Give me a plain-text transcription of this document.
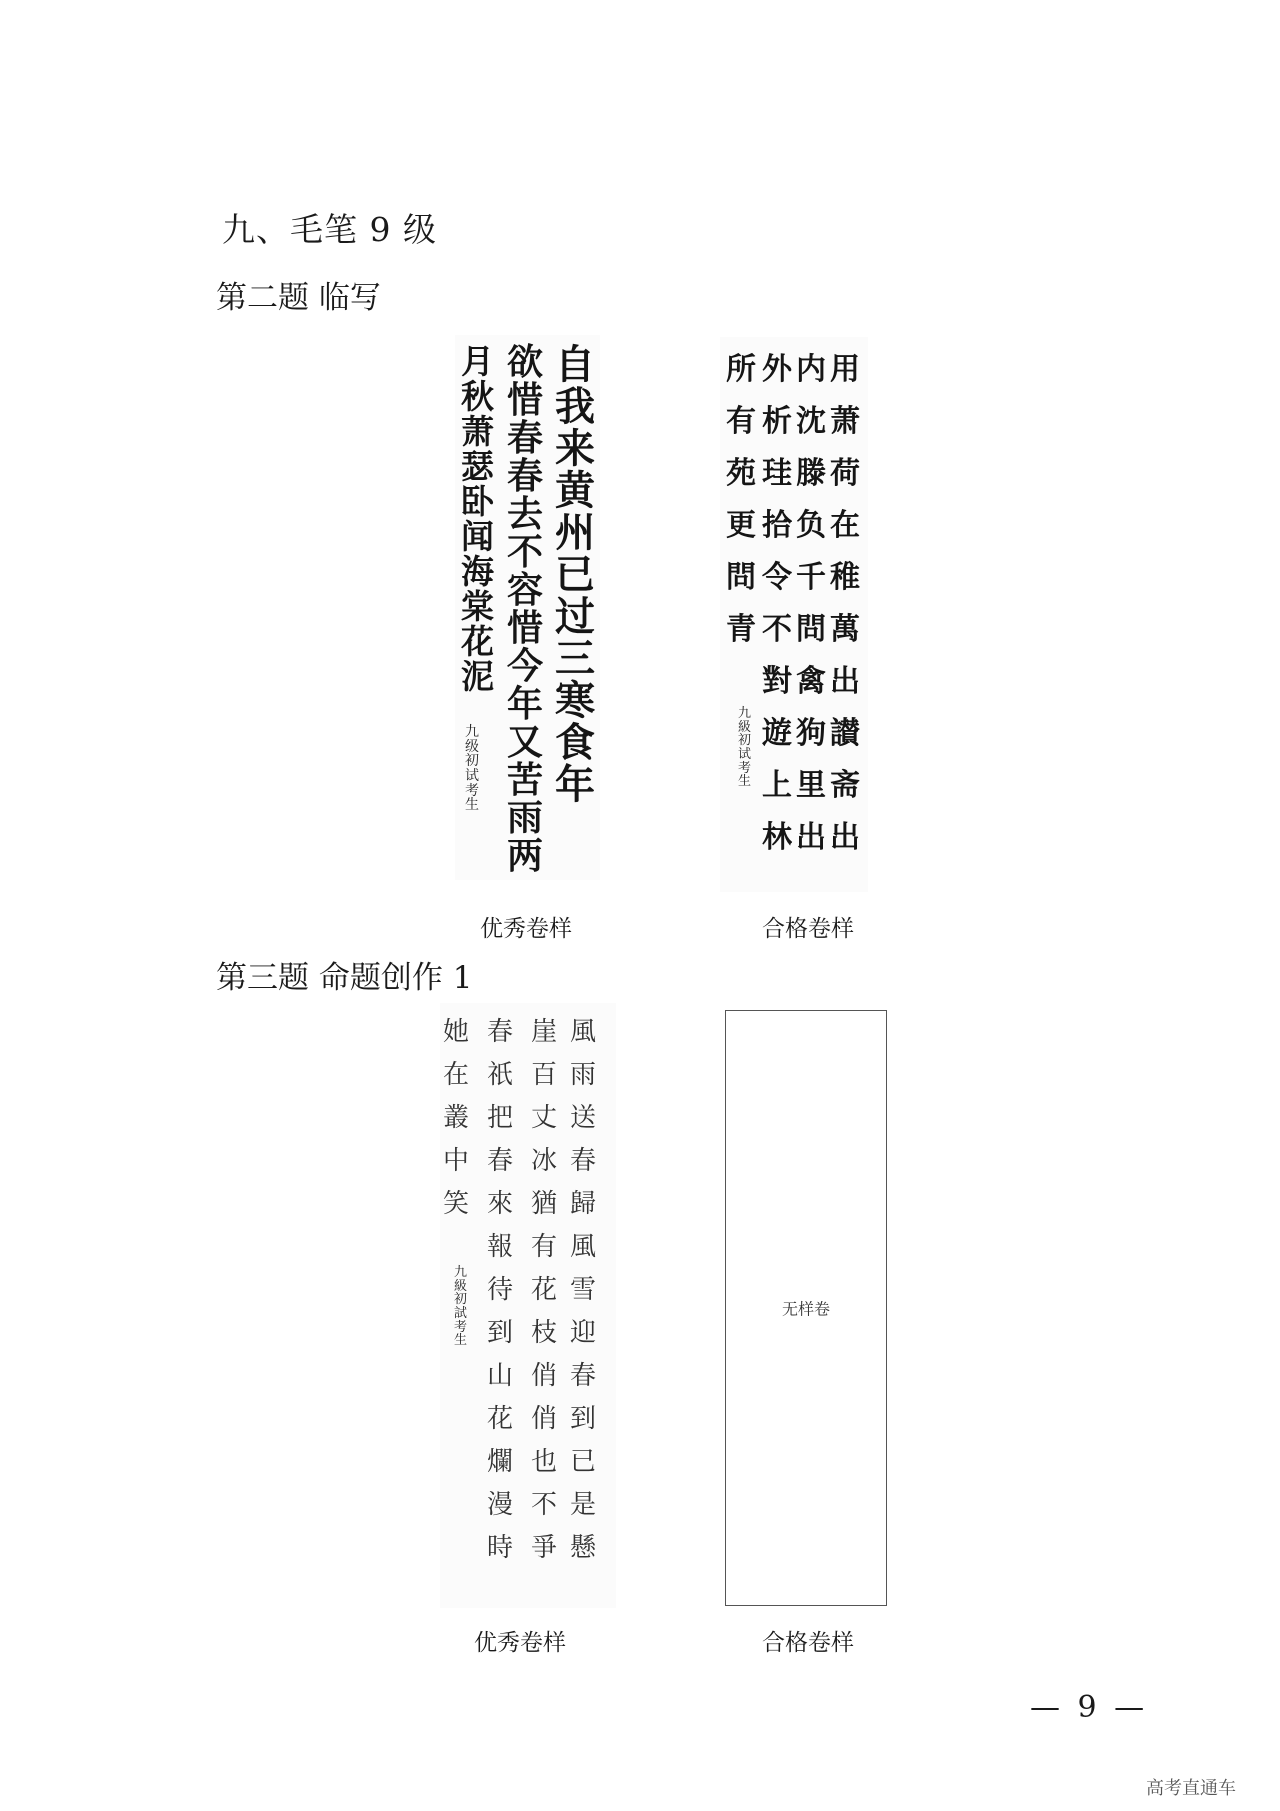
九、毛笔 9 级
第二题 临写
自
我
来
黄
州
已
过
三
寒
食
年
欲
惜
春
春
去
不
容
惜
今
年
又
苦
雨
两
月
秋
萧
瑟
卧
闻
海
棠
花
泥
九
级
初
试
考
生
优秀卷样
用
萧
荷
在
稚
萬
出
讃
斋
出
内
沈
滕
负
千
問
禽
狗
里
出
外
析
珪
拾
令
不
對
遊
上
林
所
有
苑
更
問
青
九
級
初
试
考
生
合格卷样
第三题 命题创作 1
風
雨
送
春
歸
風
雪
迎
春
到
已
是
懸
崖
百
丈
冰
猶
有
花
枝
俏
俏
也
不
爭
春
祇
把
春
來
報
待
到
山
花
爛
漫
時
她
在
叢
中
笑
九
級
初
試
考
生
优秀卷样
无样卷
合格卷样
— 9 —
高考直通车
